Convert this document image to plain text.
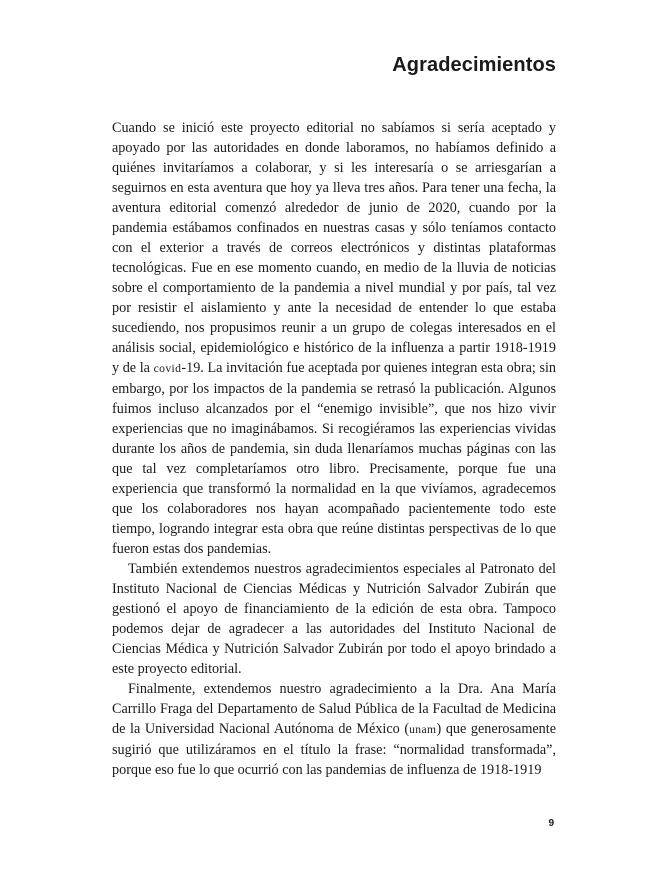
Agradecimientos

Cuando se inició este proyecto editorial no sabíamos si sería aceptado y apoyado por las autoridades en donde laboramos, no habíamos definido a quiénes invitaríamos a colaborar, y si les interesaría o se arriesgarían a seguirnos en esta aventura que hoy ya lleva tres años. Para tener una fecha, la aventura editorial comenzó alrededor de junio de 2020, cuando por la pandemia estábamos confinados en nuestras casas y sólo teníamos contacto con el exterior a través de correos electrónicos y distintas plataformas tecnológicas. Fue en ese momento cuando, en medio de la lluvia de noticias sobre el comportamiento de la pandemia a nivel mundial y por país, tal vez por resistir el aislamiento y ante la necesidad de entender lo que estaba sucediendo, nos propusimos reunir a un grupo de colegas interesados en el análisis social, epidemiológico e histórico de la influenza a partir 1918-1919 y de la covid-19. La invitación fue aceptada por quienes integran esta obra; sin embargo, por los impactos de la pandemia se retrasó la publicación. Algunos fuimos incluso alcanzados por el “enemigo invisible”, que nos hizo vivir experiencias que no imaginábamos. Si recogiéramos las experiencias vividas durante los años de pandemia, sin duda llenaríamos muchas páginas con las que tal vez completaríamos otro libro. Precisamente, porque fue una experiencia que transformó la normalidad en la que vivíamos, agradecemos que los colaboradores nos hayan acompañado pacientemente todo este tiempo, logrando integrar esta obra que reúne distintas perspectivas de lo que fueron estas dos pandemias.

También extendemos nuestros agradecimientos especiales al Patronato del Instituto Nacional de Ciencias Médicas y Nutrición Salvador Zubirán que gestionó el apoyo de financiamiento de la edición de esta obra. Tampoco podemos dejar de agradecer a las autoridades del Instituto Nacional de Ciencias Médica y Nutrición Salvador Zubirán por todo el apoyo brindado a este proyecto editorial.

Finalmente, extendemos nuestro agradecimiento a la Dra. Ana María Carrillo Fraga del Departamento de Salud Pública de la Facultad de Medicina de la Universidad Nacional Autónoma de México (unam) que generosamente sugirió que utilizáramos en el título la frase: “normalidad transformada”, porque eso fue lo que ocurrió con las pandemias de influenza de 1918-1919

9
